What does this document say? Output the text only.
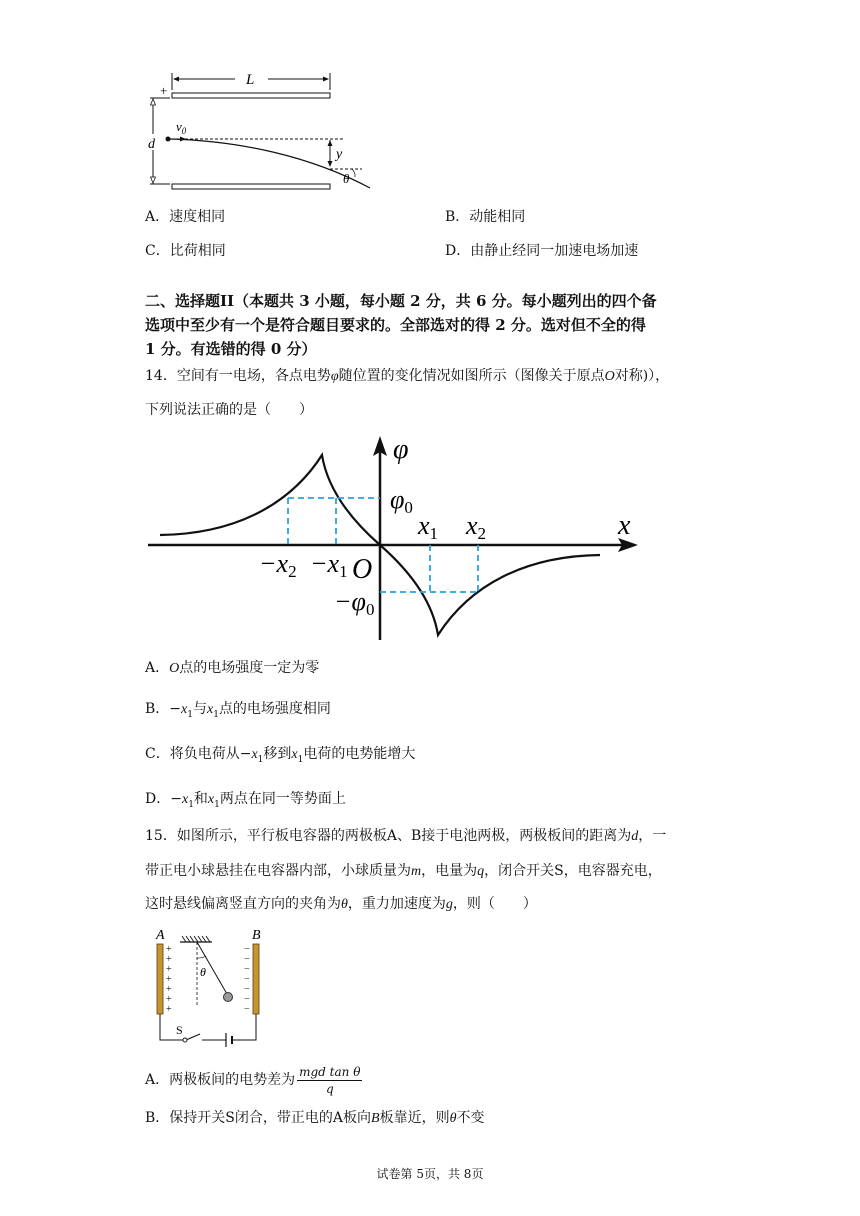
L
+
d
$v_0$
y
θ
A．速度相同	B．动能相同
C．比荷相同	D．由静止经同一加速电场加速
二、选择题II（本题共 3 小题，每小题 2 分，共 6 分。每小题列出的四个备
选项中至少有一个是符合题目要求的。全部选对的得 2 分。选对但不全的得
1 分。有选错的得 0 分）
14．空间有一电场，各点电势φ随位置的变化情况如图所示（图像关于原点O对称)），
下列说法正确的是（　　）
φ
x
O
φ0
−φ0
x1 x2
−x2 −x1
A．O点的电场强度一定为零
B．$-x_1$与$x_1$点的电场强度相同
C．将负电荷从$-x_1$移到$x_1$电荷的电势能增大
D．$-x_1$和$x_1$两点在同一等势面上
15．如图所示，平行板电容器的两极板A、B接于电池两极，两极板间的距离为d，一
带正电小球悬挂在电容器内部，小球质量为m，电量为q，闭合开关S，电容器充电，
这时悬线偏离竖直方向的夹角为θ，重力加速度为g，则（　　）
A	B
+
+
+
+
+
+
+
−
−
−
−
−
−
−
θ
S
A．两极板间的电势差为 $\frac{\text{mgd tan θ}}{q}$
B．保持开关S闭合，带正电的A板向B板靠近，则θ不变
试卷第 5页，共 8页
